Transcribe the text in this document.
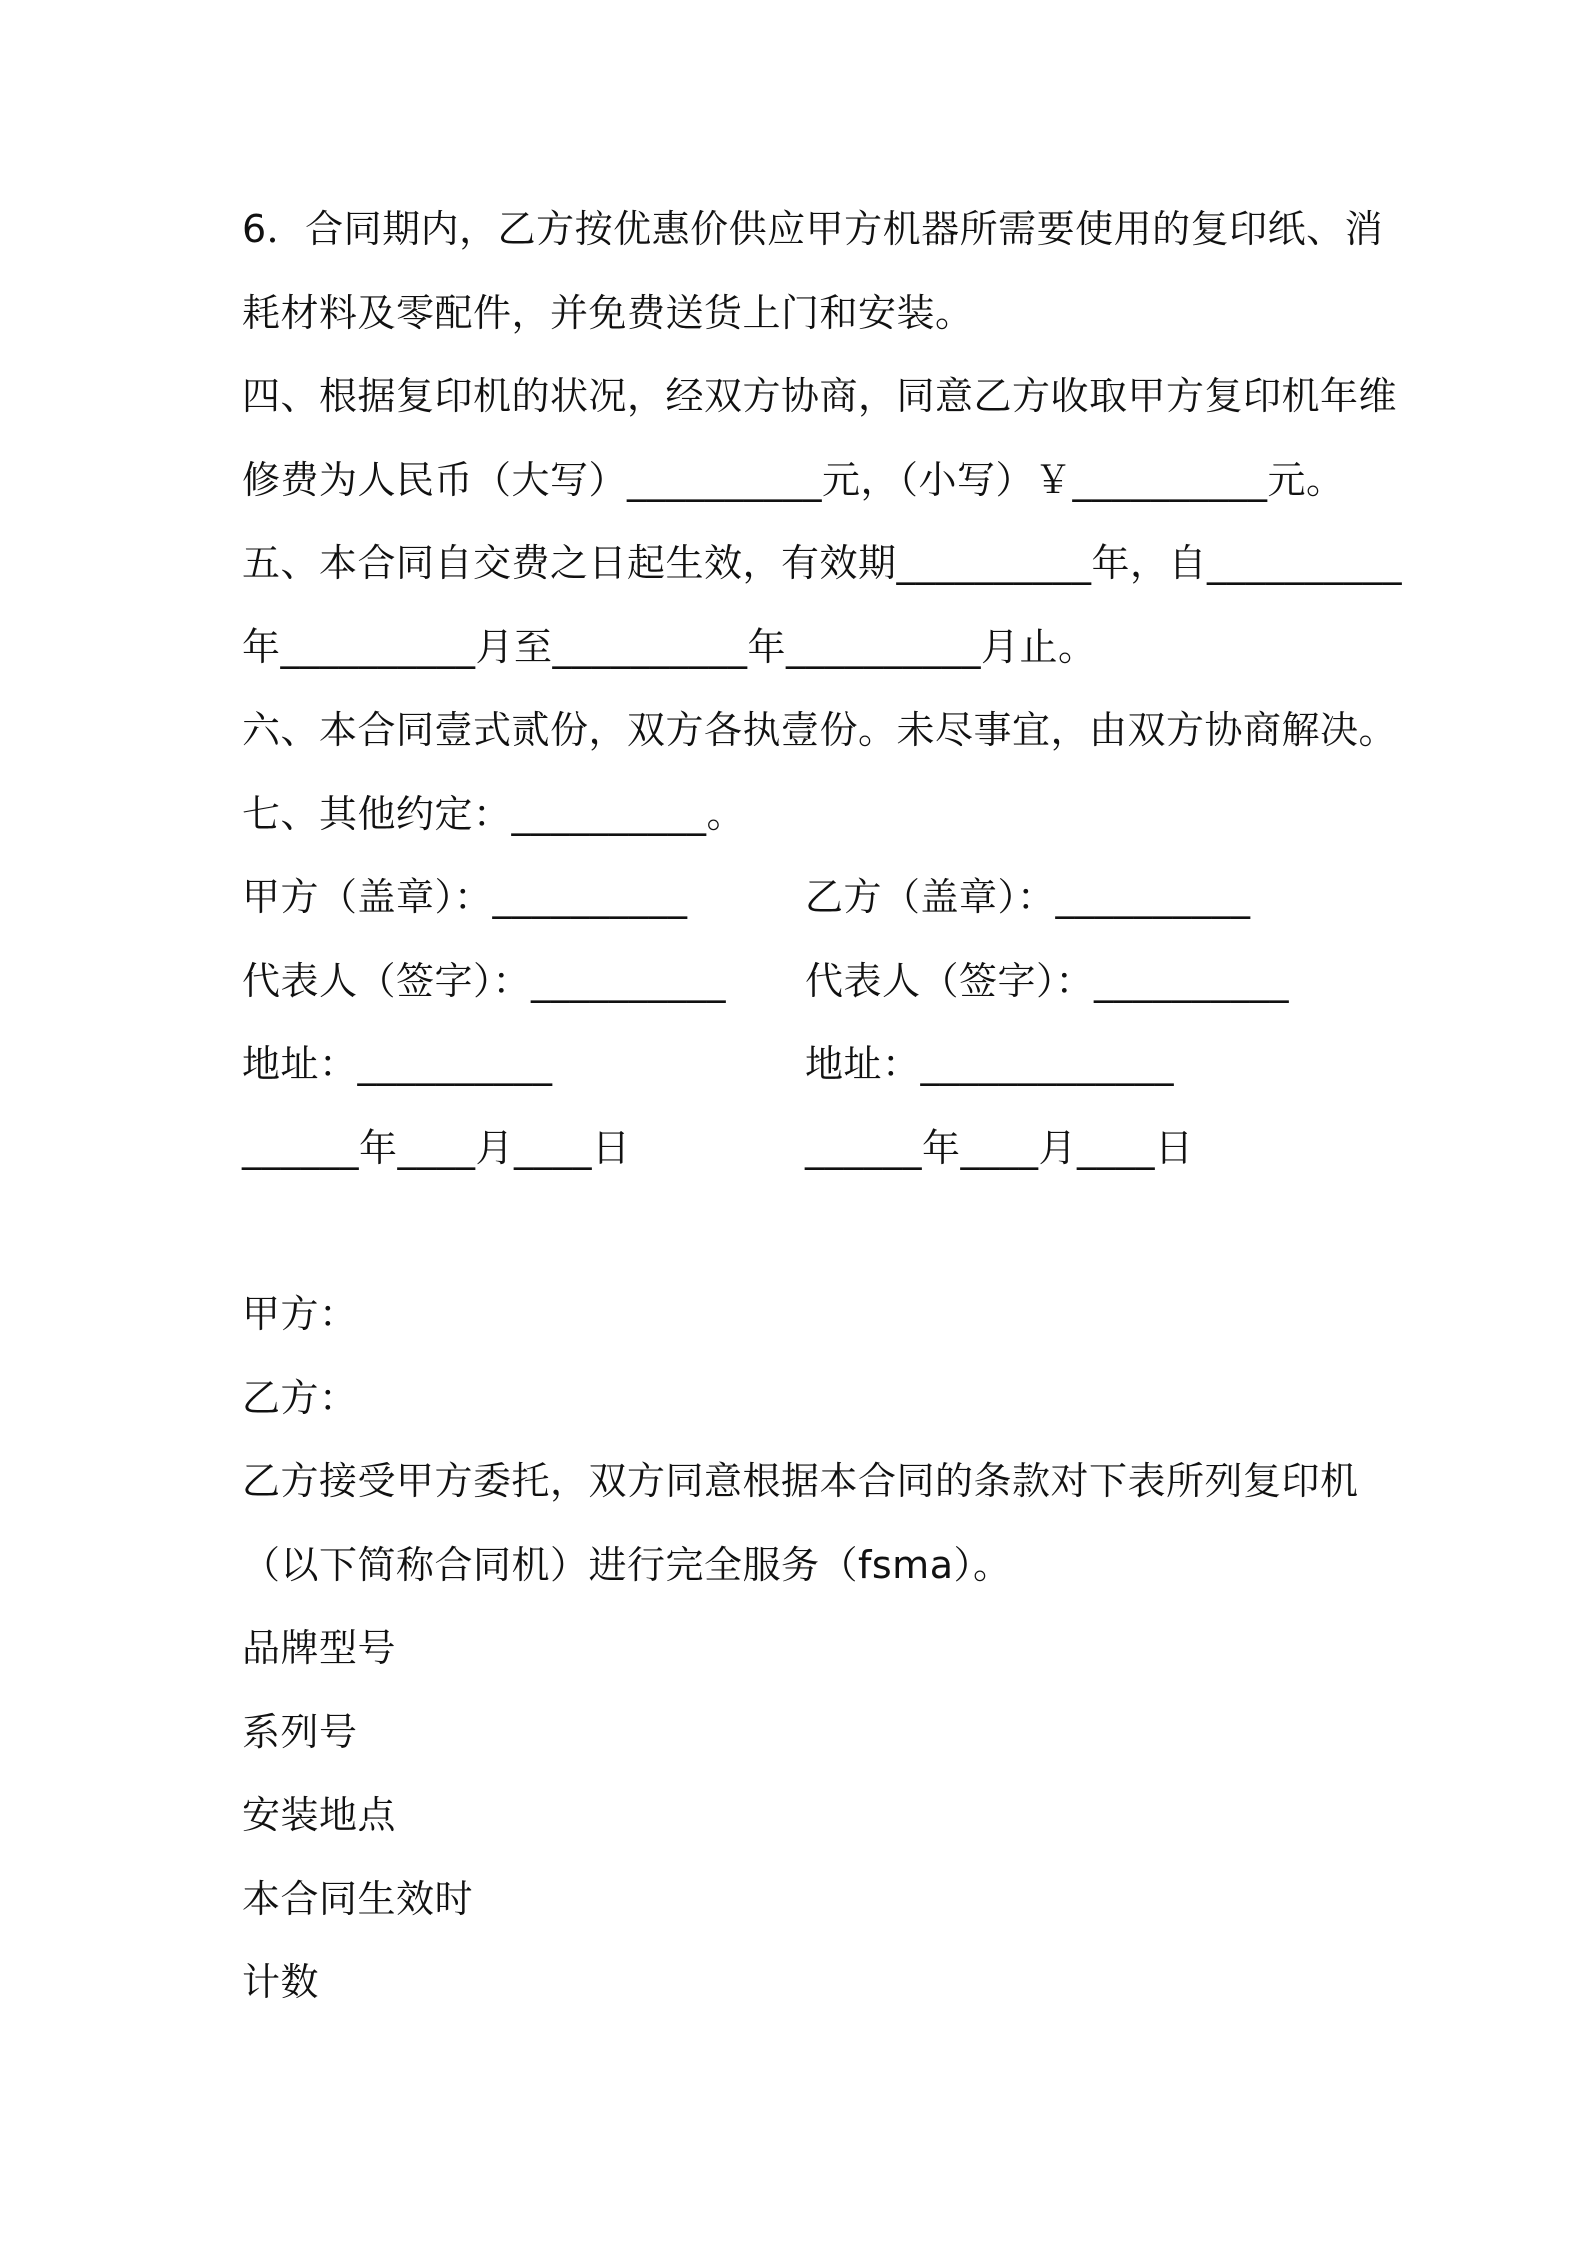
6．合同期内，乙方按优惠价供应甲方机器所需要使用的复印纸、消
耗材料及零配件，并免费送货上门和安装。
四、根据复印机的状况，经双方协商，同意乙方收取甲方复印机年维
修费为人民币（大写）__________元，（小写）￥__________元。
五、本合同自交费之日起生效，有效期__________年，自__________
年__________月至__________年__________月止。
六、本合同壹式贰份，双方各执壹份。未尽事宜，由双方协商解决。
七、其他约定：__________。
甲方（盖章）：__________	乙方（盖章）：__________
代表人（签字）：__________ 代表人（签字）：__________
地址：__________	地址：_____________
______年____月____日	______年____月____日
甲方：
乙方：
乙方接受甲方委托，双方同意根据本合同的条款对下表所列复印机
（以下简称合同机）进行完全服务（fsma）。
品牌型号
系列号
安装地点
本合同生效时
计数
